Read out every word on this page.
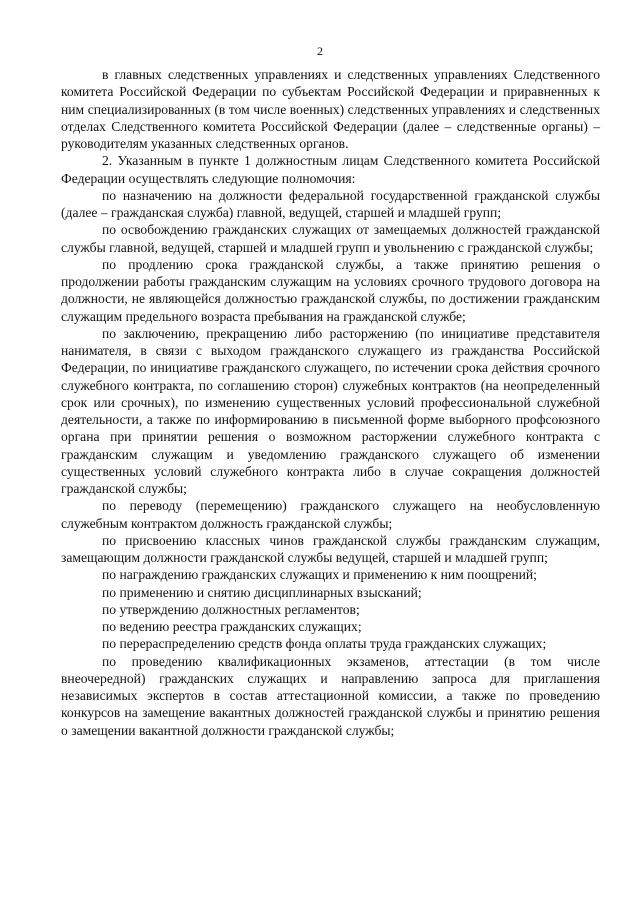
2

в главных следственных управлениях и следственных управлениях Следственного комитета Российской Федерации по субъектам Российской Федерации и приравненных к ним специализированных (в том числе военных) следственных управлениях и следственных отделах Следственного комитета Российской Федерации (далее – следственные органы) – руководителям указанных следственных органов.

2. Указанным в пункте 1 должностным лицам Следственного комитета Российской Федерации осуществлять следующие полномочия:

по назначению на должности федеральной государственной гражданской службы (далее – гражданская служба) главной, ведущей, старшей и младшей групп;

по освобождению гражданских служащих от замещаемых должностей гражданской службы главной, ведущей, старшей и младшей групп и увольнению с гражданской службы;

по продлению срока гражданской службы, а также принятию решения о продолжении работы гражданским служащим на условиях срочного трудового договора на должности, не являющейся должностью гражданской службы, по достижении гражданским служащим предельного возраста пребывания на гражданской службе;

по заключению, прекращению либо расторжению (по инициативе представителя нанимателя, в связи с выходом гражданского служащего из гражданства Российской Федерации, по инициативе гражданского служащего, по истечении срока действия срочного служебного контракта, по соглашению сторон) служебных контрактов (на неопределенный срок или срочных), по изменению существенных условий профессиональной служебной деятельности, а также по информированию в письменной форме выборного профсоюзного органа при принятии решения о возможном расторжении служебного контракта с гражданским служащим и уведомлению гражданского служащего об изменении существенных условий служебного контракта либо в случае сокращения должностей гражданской службы;

по переводу (перемещению) гражданского служащего на необусловленную служебным контрактом должность гражданской службы;

по присвоению классных чинов гражданской службы гражданским служащим, замещающим должности гражданской службы ведущей, старшей и младшей групп;

по награждению гражданских служащих и применению к ним поощрений;

по применению и снятию дисциплинарных взысканий;

по утверждению должностных регламентов;

по ведению реестра гражданских служащих;

по перераспределению средств фонда оплаты труда гражданских служащих;

по проведению квалификационных экзаменов, аттестации (в том числе внеочередной) гражданских служащих и направлению запроса для приглашения независимых экспертов в состав аттестационной комиссии, а также по проведению конкурсов на замещение вакантных должностей гражданской службы и принятию решения о замещении вакантной должности гражданской службы;
